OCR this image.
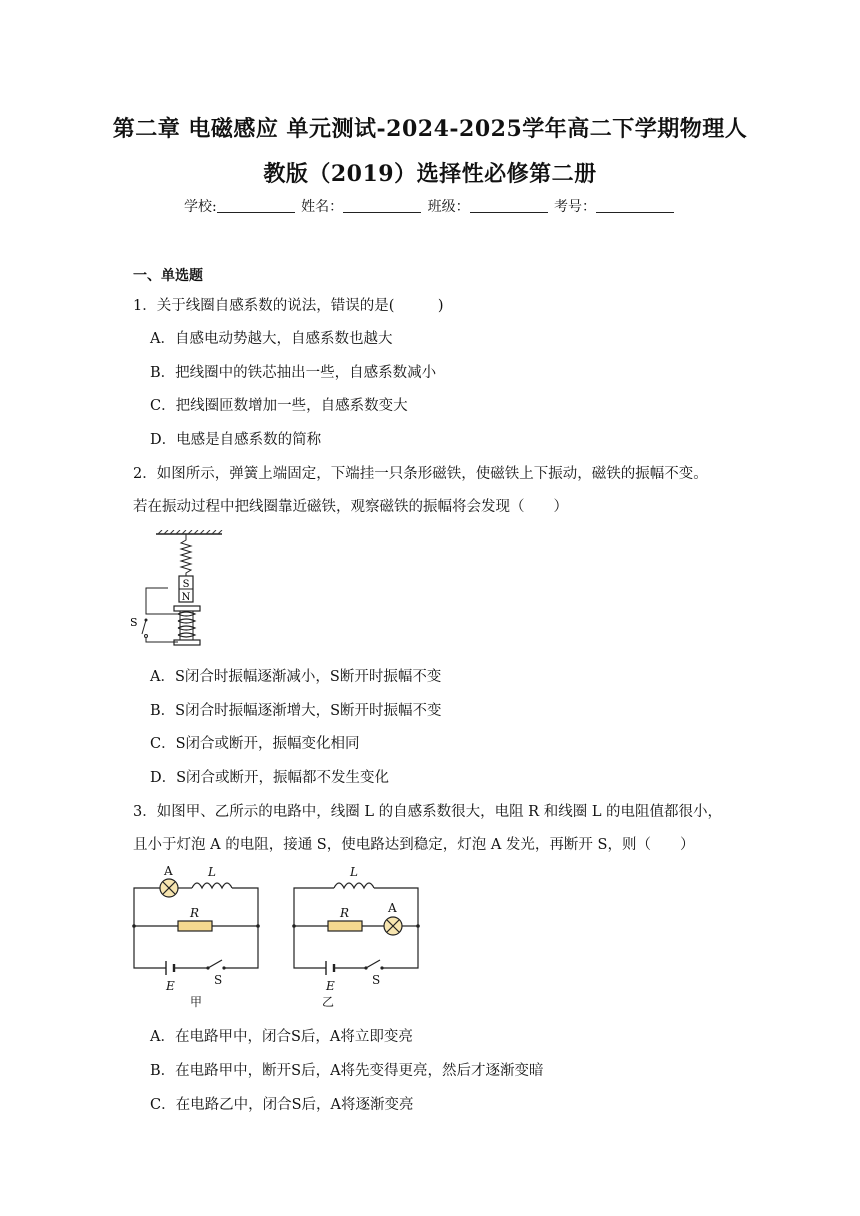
第二章 电磁感应 单元测试-2024-2025学年高二下学期物理人
教版（2019）选择性必修第二册
学校:	姓名：	班级：	考号：
一、单选题
1．关于线圈自感系数的说法，错误的是(　　　)
A．自感电动势越大，自感系数也越大
B．把线圈中的铁芯抽出一些，自感系数减小
C．把线圈匝数增加一些，自感系数变大
D．电感是自感系数的简称
2．如图所示，弹簧上端固定，下端挂一只条形磁铁，使磁铁上下振动，磁铁的振幅不变。
若在振动过程中把线圈靠近磁铁，观察磁铁的振幅将会发现（　　）
S
N
S
A．S闭合时振幅逐渐减小，S断开时振幅不变
B．S闭合时振幅逐渐增大，S断开时振幅不变
C．S闭合或断开，振幅变化相同
D．S闭合或断开，振幅都不发生变化
3．如图甲、乙所示的电路中，线圈 L 的自感系数很大，电阻 R 和线圈 L 的电阻值都很小，
且小于灯泡 A 的电阻，接通 S，使电路达到稳定，灯泡 A 发光，再断开 S，则（　　）
A	L
R
E	S
甲
L
R	A
E	S
乙
A．在电路甲中，闭合S后，A将立即变亮
B．在电路甲中，断开S后，A将先变得更亮，然后才逐渐变暗
C．在电路乙中，闭合S后，A将逐渐变亮
